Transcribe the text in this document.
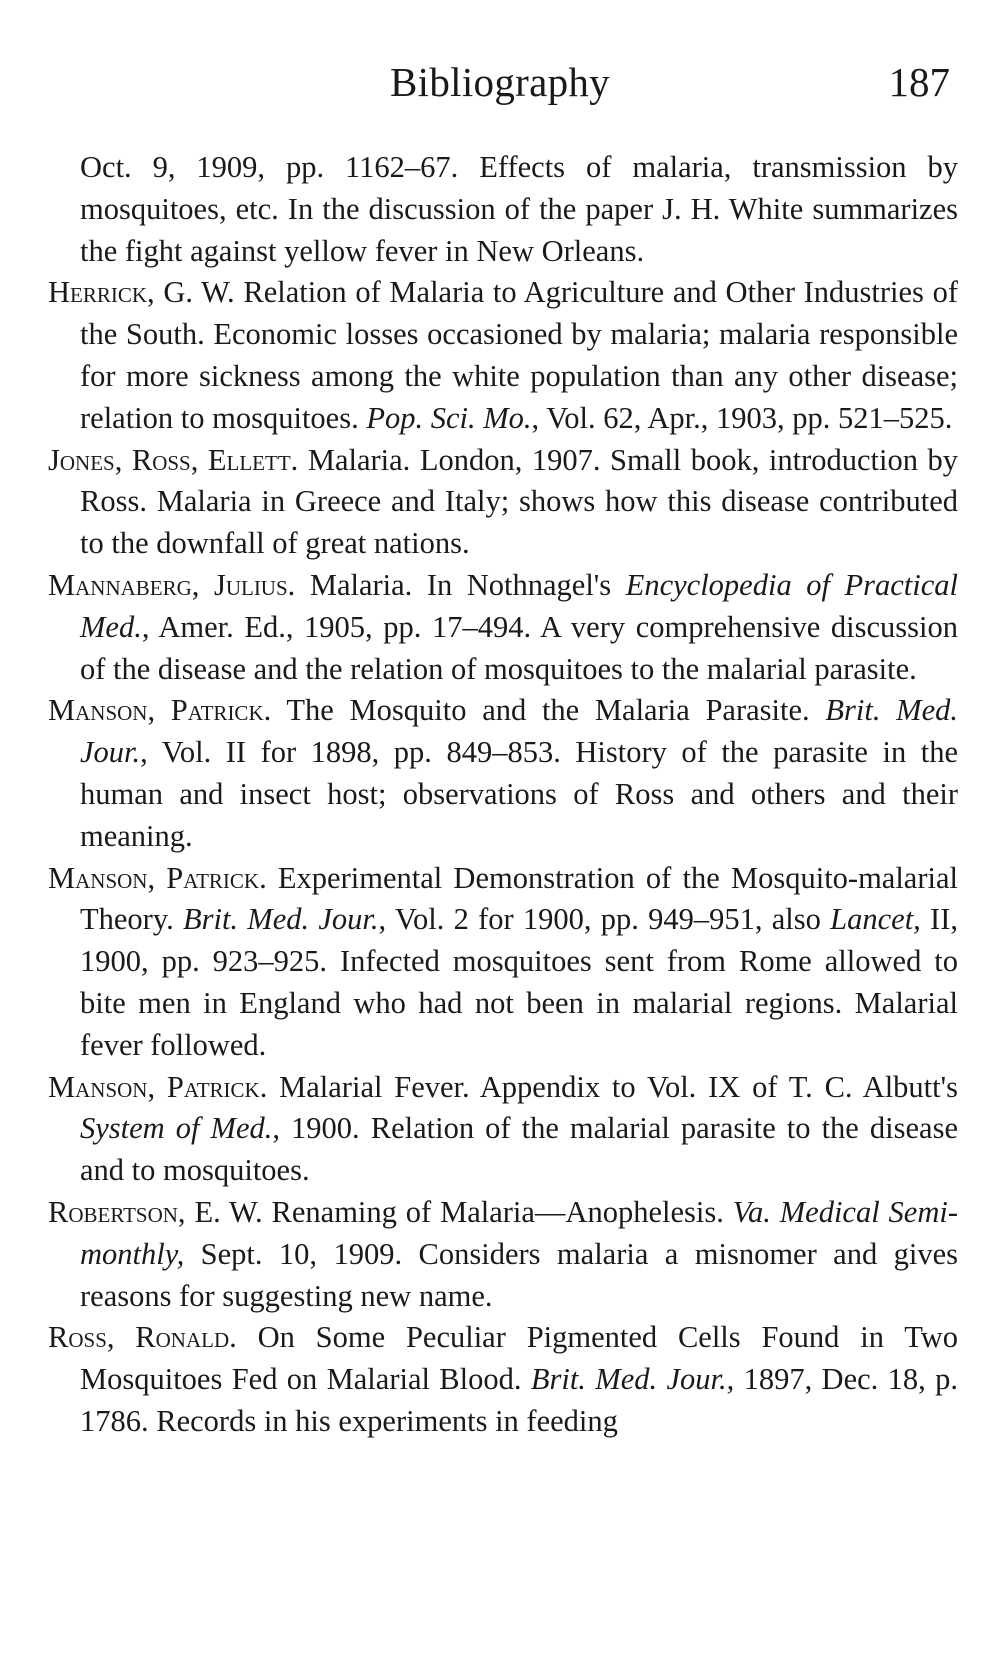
Bibliography	187

Oct. 9, 1909, pp. 1162–67. Effects of malaria, transmission by mosquitoes, etc. In the discussion of the paper J. H. White summarizes the fight against yellow fever in New Orleans.

Herrick, G. W. Relation of Malaria to Agriculture and Other Industries of the South. Economic losses occasioned by malaria; malaria responsible for more sickness among the white population than any other disease; relation to mosquitoes. Pop. Sci. Mo., Vol. 62, Apr., 1903, pp. 521–525.

Jones, Ross, Ellett. Malaria. London, 1907. Small book, introduction by Ross. Malaria in Greece and Italy; shows how this disease contributed to the downfall of great nations.

Mannaberg, Julius. Malaria. In Nothnagel's Encyclopedia of Practical Med., Amer. Ed., 1905, pp. 17–494. A very comprehensive discussion of the disease and the relation of mosquitoes to the malarial parasite.

Manson, Patrick. The Mosquito and the Malaria Parasite. Brit. Med. Jour., Vol. II for 1898, pp. 849–853. History of the parasite in the human and insect host; observations of Ross and others and their meaning.

Manson, Patrick. Experimental Demonstration of the Mosquito-malarial Theory. Brit. Med. Jour., Vol. 2 for 1900, pp. 949–951, also Lancet, II, 1900, pp. 923–925. Infected mosquitoes sent from Rome allowed to bite men in England who had not been in malarial regions. Malarial fever followed.

Manson, Patrick. Malarial Fever. Appendix to Vol. IX of T. C. Albutt's System of Med., 1900. Relation of the malarial parasite to the disease and to mosquitoes.

Robertson, E. W. Renaming of Malaria—Anophelesis. Va. Medical Semi-monthly, Sept. 10, 1909. Considers malaria a misnomer and gives reasons for suggesting new name.

Ross, Ronald. On Some Peculiar Pigmented Cells Found in Two Mosquitoes Fed on Malarial Blood. Brit. Med. Jour., 1897, Dec. 18, p. 1786. Records in his experiments in feeding
